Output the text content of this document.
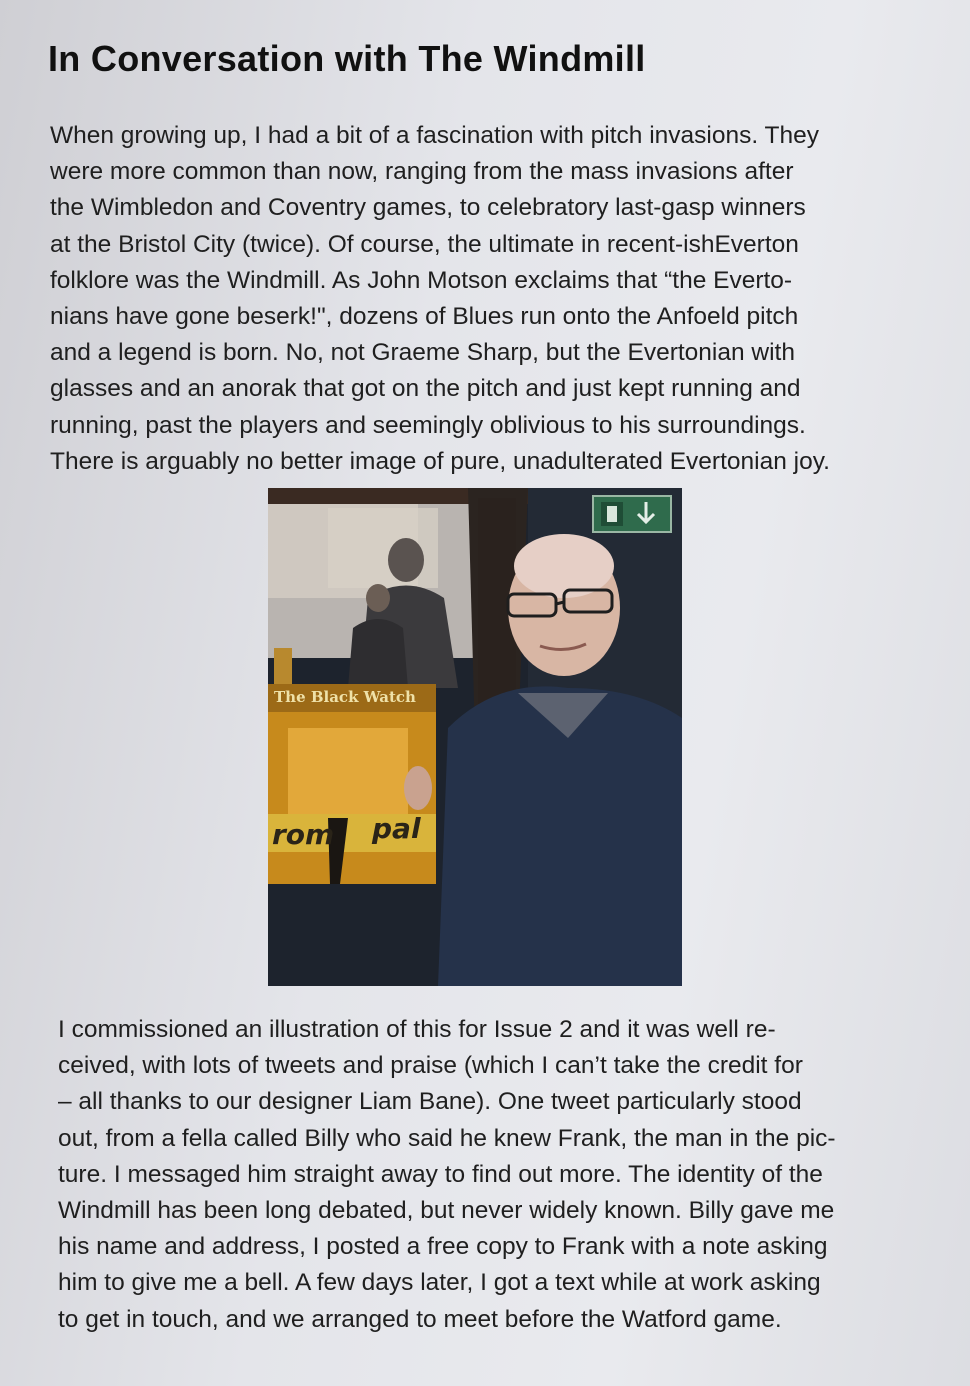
In Conversation with The Windmill
When growing up, I had a bit of a fascination with pitch invasions. They
were more common than now, ranging from the mass invasions after
the Wimbledon and Coventry games, to celebratory last-gasp winners
at the Bristol City (twice). Of course, the ultimate in recent-ishEverton
folklore was the Windmill. As John Motson exclaims that “the Everto-
nians have gone beserk!", dozens of Blues run onto the Anfoeld pitch
and a legend is born. No, not Graeme Sharp, but the Evertonian with
glasses and an anorak that got on the pitch and just kept running and
running, past the players and seemingly oblivious to his surroundings.
There is arguably no better image of pure, unadulterated Evertonian joy.
The Black Watch
rom pal
I commissioned an illustration of this for Issue 2 and it was well re-
ceived, with lots of tweets and praise (which I can’t take the credit for
– all thanks to our designer Liam Bane). One tweet particularly stood
out, from a fella called Billy who said he knew Frank, the man in the pic-
ture. I messaged him straight away to find out more. The identity of the
Windmill has been long debated, but never widely known. Billy gave me
his name and address, I posted a free copy to Frank with a note asking
him to give me a bell. A few days later, I got a text while at work asking
to get in touch, and we arranged to meet before the Watford game.
